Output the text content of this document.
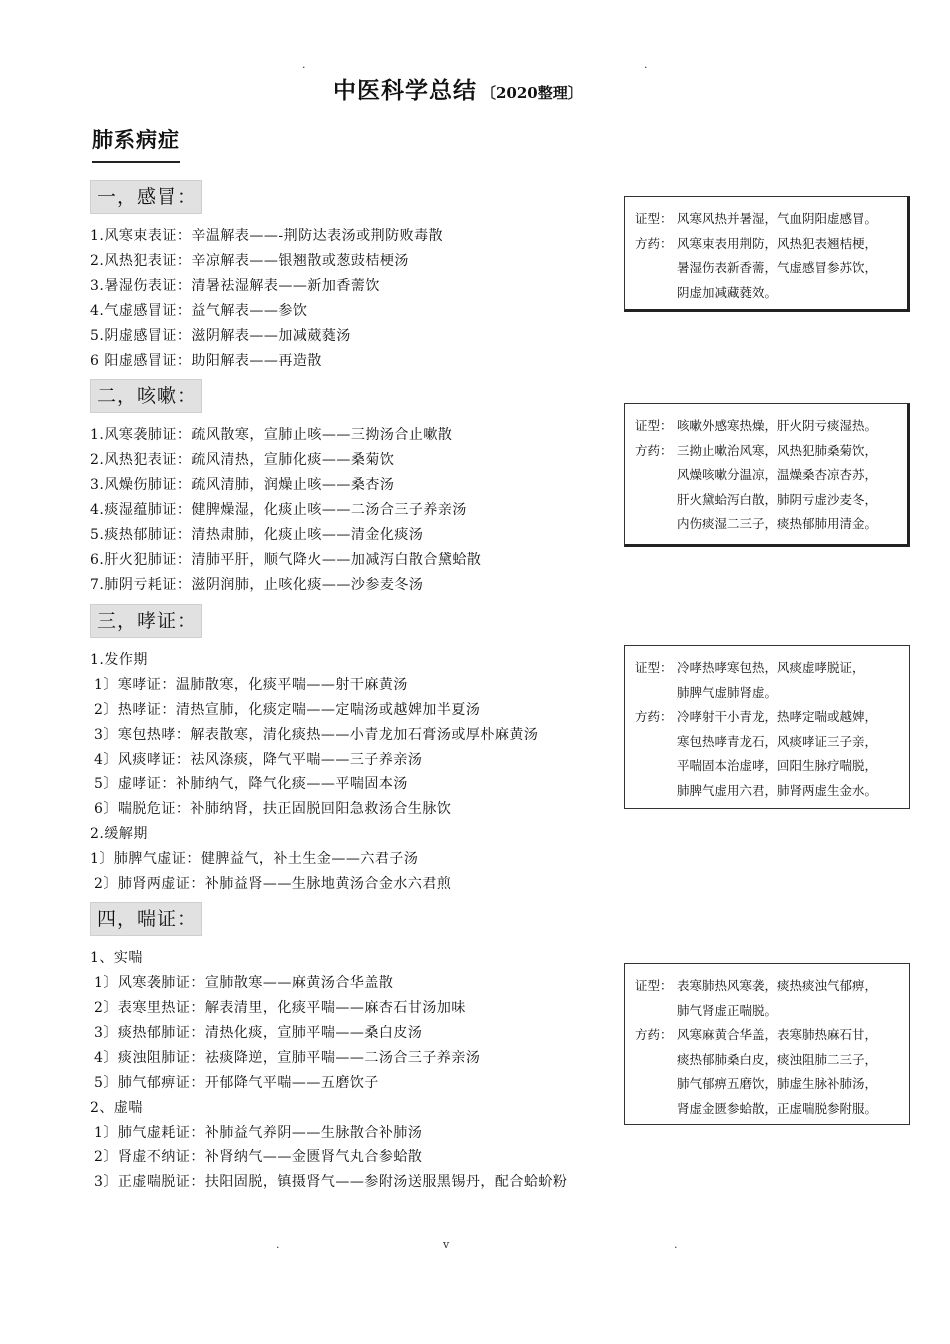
.	.
中医科学总结 〔2020整理〕
肺系病症
一，感冒：
1.风寒束表证：辛温解表——-荆防达表汤或荆防败毒散
2.风热犯表证：辛凉解表——银翘散或葱豉桔梗汤
3.暑湿伤表证：清暑祛湿解表——新加香薷饮
4.气虚感冒证：益气解表——参饮
5.阴虚感冒证：滋阴解表——加减葳蕤汤
6 阳虚感冒证：助阳解表——再造散
证型： 风寒风热并暑湿，气血阴阳虚感冒。
方药： 风寒束表用荆防，风热犯表翘桔梗，
暑湿伤表新香薷，气虚感冒参苏饮，
阴虚加减藏蕤效。
二，咳嗽：
1.风寒袭肺证：疏风散寒，宣肺止咳——三拗汤合止嗽散
2.风热犯表证：疏风清热，宣肺化痰——桑菊饮
3.风燥伤肺证：疏风清肺，润燥止咳——桑杏汤
4.痰湿蕴肺证：健脾燥湿，化痰止咳——二汤合三子养亲汤
5.痰热郁肺证：清热肃肺，化痰止咳——清金化痰汤
6.肝火犯肺证：清肺平肝，顺气降火——加减泻白散合黛蛤散
7.肺阴亏耗证：滋阴润肺，止咳化痰——沙参麦冬汤
证型： 咳嗽外感寒热燥，肝火阴亏痰湿热。
方药： 三拗止嗽治风寒，风热犯肺桑菊饮，
风燥咳嗽分温凉，温燥桑杏凉杏苏，
肝火黛蛤泻白散，肺阴亏虚沙麦冬，
内伤痰湿二三子，痰热郁肺用清金。
三，哮证：
1.发作期
1〕寒哮证：温肺散寒，化痰平喘——射干麻黄汤
2〕热哮证：清热宣肺，化痰定喘——定喘汤或越婢加半夏汤
3〕寒包热哮：解表散寒，清化痰热——小青龙加石膏汤或厚朴麻黄汤
4〕风痰哮证：祛风涤痰，降气平喘——三子养亲汤
5〕虚哮证：补肺纳气，降气化痰——平喘固本汤
6〕喘脱危证：补肺纳肾，扶正固脱回阳急救汤合生脉饮
2.缓解期
1〕肺脾气虚证：健脾益气，补土生金——六君子汤
2〕肺肾两虚证：补肺益肾——生脉地黄汤合金水六君煎
证型： 冷哮热哮寒包热，风痰虚哮脱证，
肺脾气虚肺肾虚。
方药： 冷哮射干小青龙，热哮定喘或越婢，
寒包热哮青龙石，风痰哮证三子亲，
平喘固本治虚哮，回阳生脉疗喘脱，
肺脾气虚用六君，肺肾两虚生金水。
四，喘证：
1、实喘
1〕风寒袭肺证：宣肺散寒——麻黄汤合华盖散
2〕表寒里热证：解表清里，化痰平喘——麻杏石甘汤加味
3〕痰热郁肺证：清热化痰，宣肺平喘——桑白皮汤
4〕痰浊阻肺证：祛痰降逆，宣肺平喘——二汤合三子养亲汤
5〕肺气郁痹证：开郁降气平喘——五磨饮子
2、虚喘
1〕肺气虚耗证：补肺益气养阴——生脉散合补肺汤
2〕肾虚不纳证：补肾纳气——金匮肾气丸合参蛤散
3〕正虚喘脱证：扶阳固脱，镇摄肾气——参附汤送服黑锡丹，配合蛤蚧粉
证型： 表寒肺热风寒袭，痰热痰浊气郁痹，
肺气肾虚正喘脱。
方药： 风寒麻黄合华盖，表寒肺热麻石甘，
痰热郁肺桑白皮，痰浊阻肺二三子，
肺气郁痹五磨饮，肺虚生脉补肺汤，
肾虚金匮参蛤散，正虚喘脱参附服。
.	v	.
